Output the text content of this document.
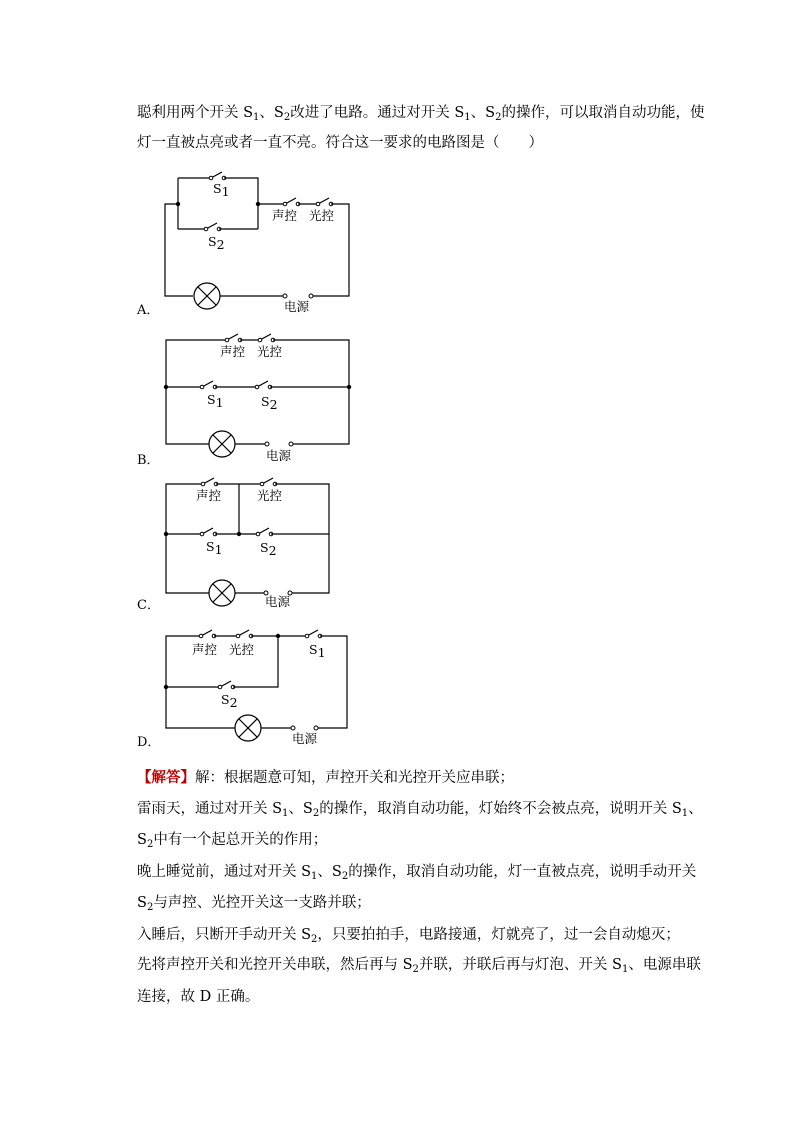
聪利用两个开关 $S_1$、$S_2$改进了电路。通过对开关 $S_1$、$S_2$的操作，可以取消自动功能，使
灯一直被点亮或者一直不亮。符合这一要求的电路图是（　　）
A．
S1
S2
声控 光控
电源
B．
声控 光控
S1	S2
电源
C．
声控	光控
S1	S2
电源
D．
声控 光控	S1
S2
电源
【解答】解：根据题意可知，声控开关和光控开关应串联；
雷雨天，通过对开关 $S_1$、$S_2$的操作，取消自动功能，灯始终不会被点亮，说明开关 $S_1$、
$S_2$中有一个起总开关的作用；
晚上睡觉前，通过对开关 $S_1$、$S_2$的操作，取消自动功能，灯一直被点亮，说明手动开关
$S_2$与声控、光控开关这一支路并联；
入睡后，只断开手动开关 $S_2$，只要拍拍手，电路接通，灯就亮了，过一会自动熄灭；
先将声控开关和光控开关串联，然后再与 $S_2$并联，并联后再与灯泡、开关 $S_1$、电源串联
连接，故 D 正确。
